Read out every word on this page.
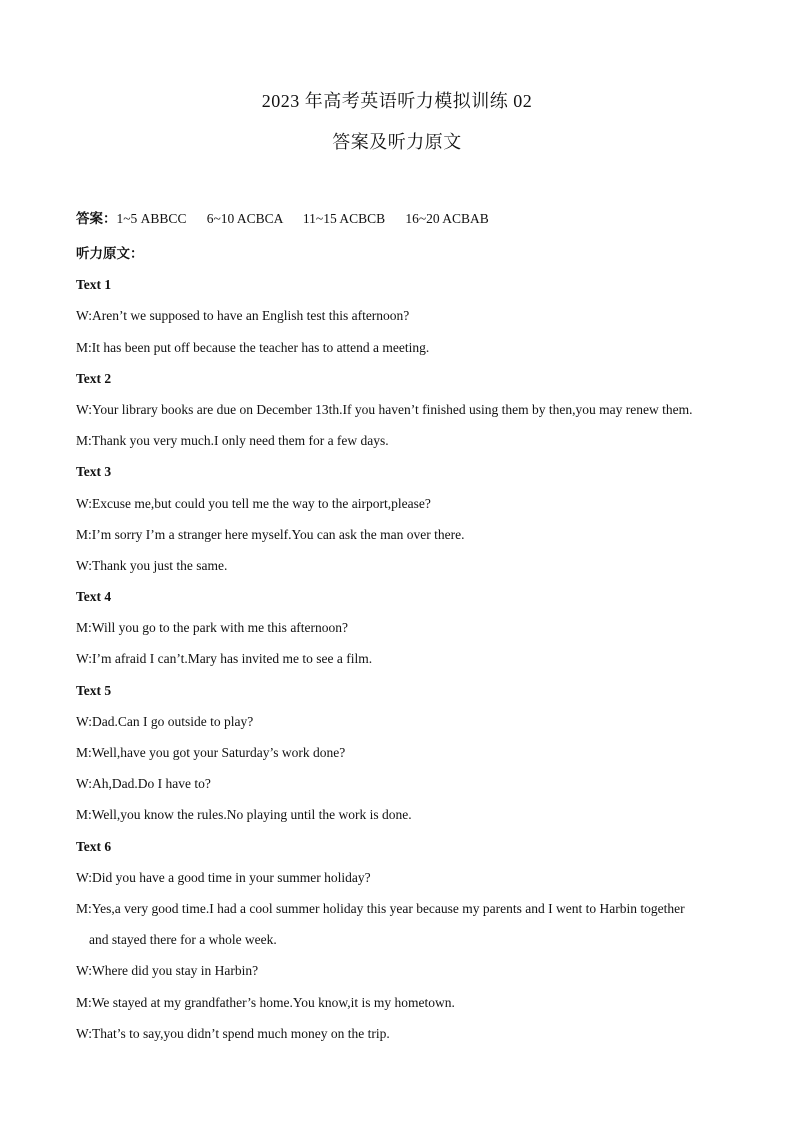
2023 年高考英语听力模拟训练 02
答案及听力原文
答案：1~5 ABBCC 6~10 ACBCA 11~15 ACBCB 16~20 ACBAB
听力原文：
Text 1
W:Aren’t we supposed to have an English test this afternoon?
M:It has been put off because the teacher has to attend a meeting.
Text 2
W:Your library books are due on December 13th.If you haven’t finished using them by then,you may renew them.
M:Thank you very much.I only need them for a few days.
Text 3
W:Excuse me,but could you tell me the way to the airport,please?
M:I’m sorry I’m a stranger here myself.You can ask the man over there.
W:Thank you just the same.
Text 4
M:Will you go to the park with me this afternoon?
W:I’m afraid I can’t.Mary has invited me to see a film.
Text 5
W:Dad.Can I go outside to play?
M:Well,have you got your Saturday’s work done?
W:Ah,Dad.Do I have to?
M:Well,you know the rules.No playing until the work is done.
Text 6
W:Did you have a good time in your summer holiday?
M:Yes,a very good time.I had a cool summer holiday this year because my parents and I went to Harbin together
and stayed there for a whole week.
W:Where did you stay in Harbin?
M:We stayed at my grandfather’s home.You know,it is my hometown.
W:That’s to say,you didn’t spend much money on the trip.
